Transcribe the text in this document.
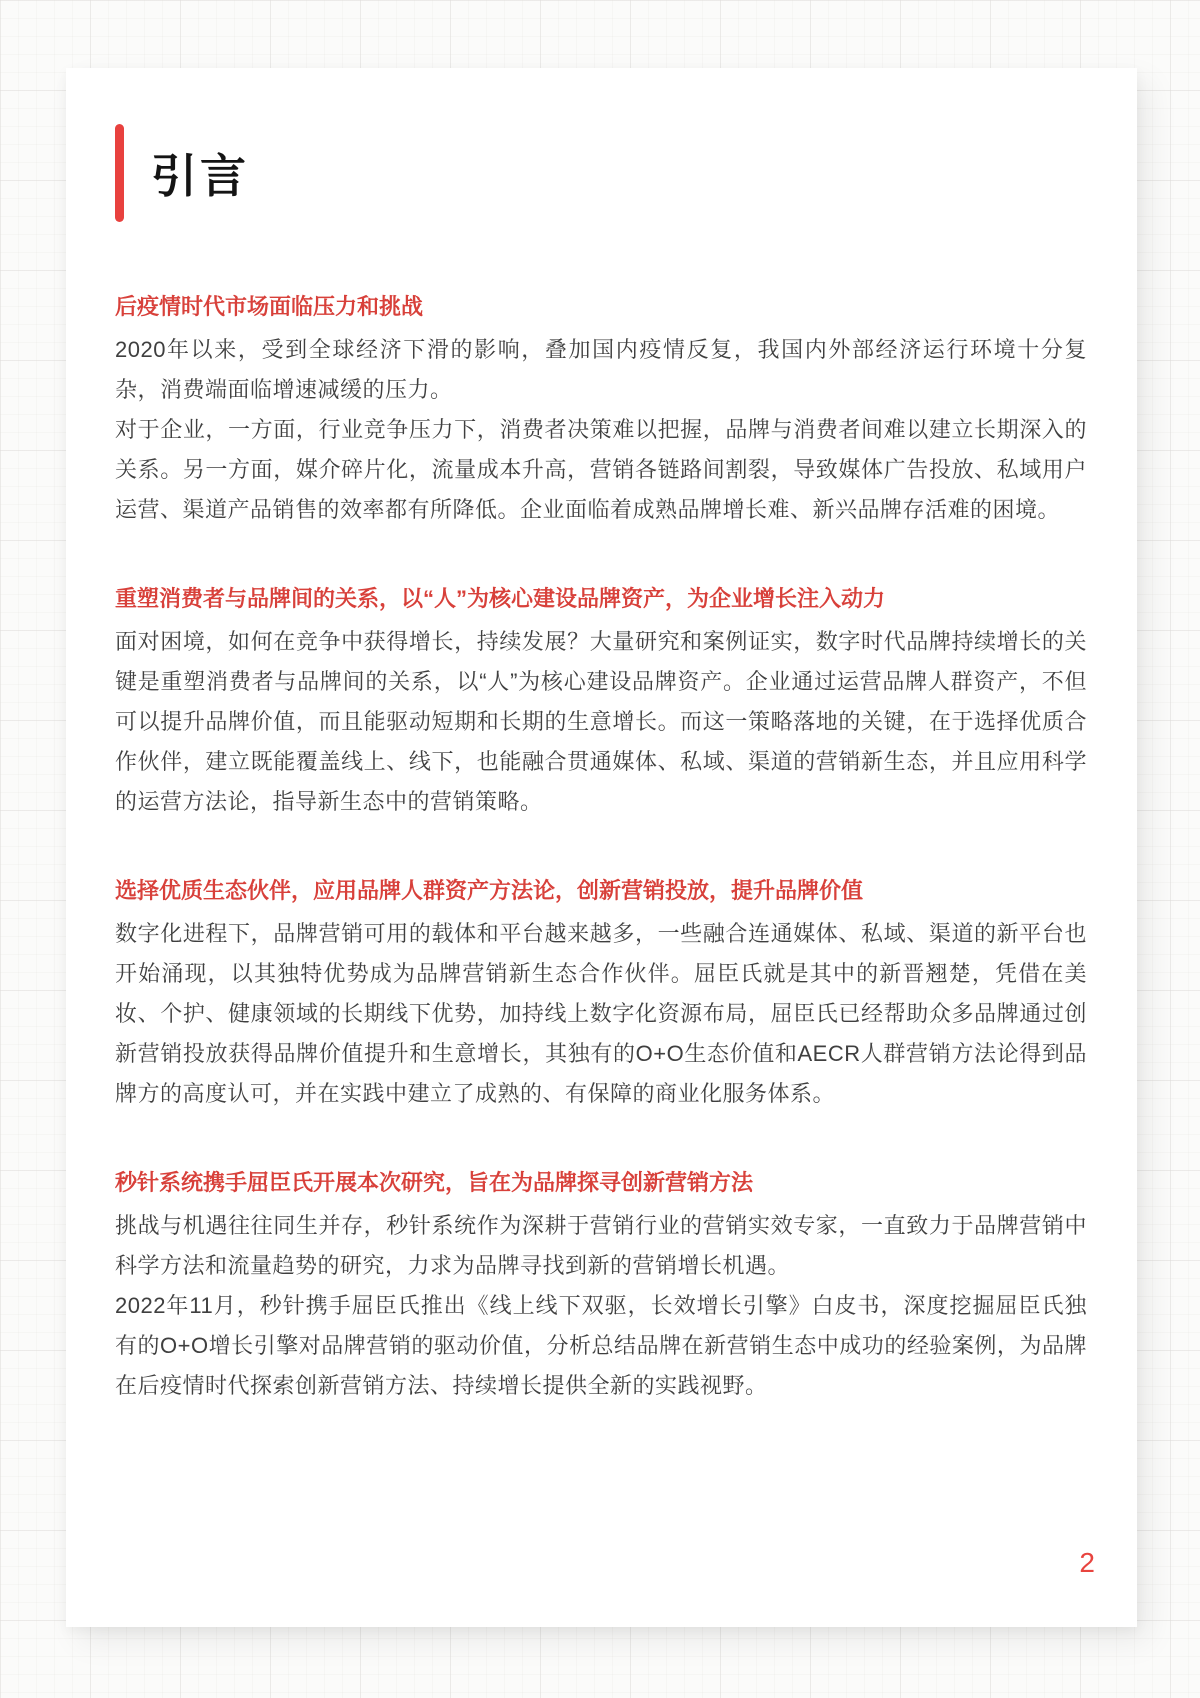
引言
后疫情时代市场面临压力和挑战

2020年以来，受到全球经济下滑的影响，叠加国内疫情反复，我国内外部经济运行环境十分复杂，消费端面临增速减缓的压力。

对于企业，一方面，行业竞争压力下，消费者决策难以把握，品牌与消费者间难以建立长期深入的关系。另一方面，媒介碎片化，流量成本升高，营销各链路间割裂，导致媒体广告投放、私域用户运营、渠道产品销售的效率都有所降低。企业面临着成熟品牌增长难、新兴品牌存活难的困境。

重塑消费者与品牌间的关系，以“人”为核心建设品牌资产，为企业增长注入动力

面对困境，如何在竞争中获得增长，持续发展？大量研究和案例证实，数字时代品牌持续增长的关键是重塑消费者与品牌间的关系，以“人”为核心建设品牌资产。企业通过运营品牌人群资产，不但可以提升品牌价值，而且能驱动短期和长期的生意增长。而这一策略落地的关键，在于选择优质合作伙伴，建立既能覆盖线上、线下，也能融合贯通媒体、私域、渠道的营销新生态，并且应用科学的运营方法论，指导新生态中的营销策略。

选择优质生态伙伴，应用品牌人群资产方法论，创新营销投放，提升品牌价值

数字化进程下，品牌营销可用的载体和平台越来越多，一些融合连通媒体、私域、渠道的新平台也开始涌现，以其独特优势成为品牌营销新生态合作伙伴。屈臣氏就是其中的新晋翘楚，凭借在美妆、个护、健康领域的长期线下优势，加持线上数字化资源布局，屈臣氏已经帮助众多品牌通过创新营销投放获得品牌价值提升和生意增长，其独有的O+O生态价值和AECR人群营销方法论得到品牌方的高度认可，并在实践中建立了成熟的、有保障的商业化服务体系。

秒针系统携手屈臣氏开展本次研究，旨在为品牌探寻创新营销方法

挑战与机遇往往同生并存，秒针系统作为深耕于营销行业的营销实效专家，一直致力于品牌营销中科学方法和流量趋势的研究，力求为品牌寻找到新的营销增长机遇。

2022年11月，秒针携手屈臣氏推出《线上线下双驱，长效增长引擎》白皮书，深度挖掘屈臣氏独有的O+O增长引擎对品牌营销的驱动价值，分析总结品牌在新营销生态中成功的经验案例，为品牌在后疫情时代探索创新营销方法、持续增长提供全新的实践视野。

2
